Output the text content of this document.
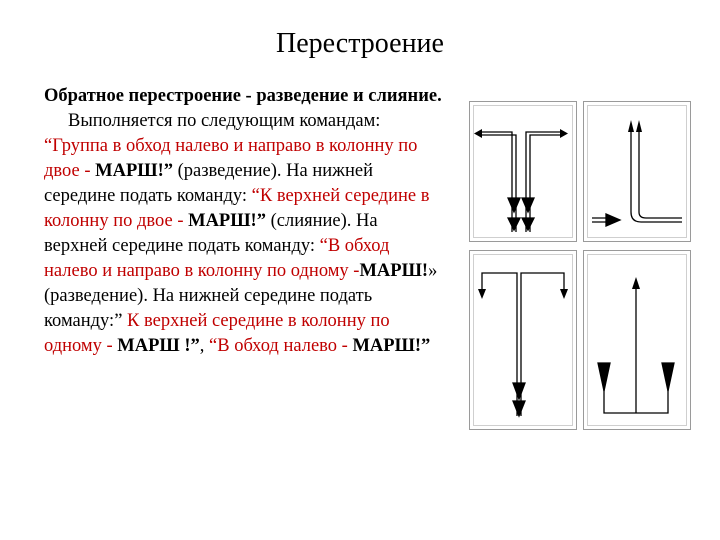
Перестроение
Обратное перестроение - разведение и слияние.
Выполняется по следующим командам:
“Группа в обход налево и направо в колонну по двое - МАРШ!” (разведение). На нижней середине подать команду: “К верхней середине в колонну по двое - МАРШ!” (слияние). На верхней середине подать команду: “В обход налево и направо в колонну по одному -МАРШ!» (разведение). На нижней середине подать команду:” К верхней середине в колонну по одному - МАРШ !”, “В обход налево - МАРШ!”
